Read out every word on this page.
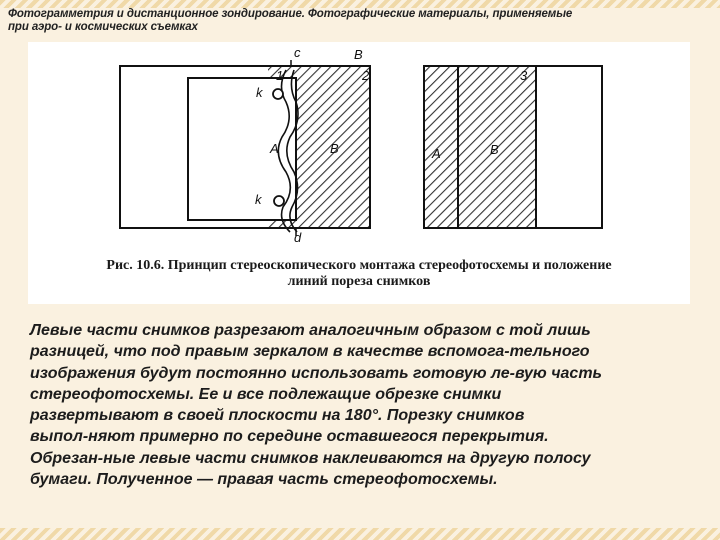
Фотограмметрия и дистанционное зондирование. Фотографические материалы, применяемые
при аэро- и космических съемках
c	B
1	2
k
A	B
k
d
3
A	B
Рис. 10.6. Принцип стереоскопического монтажа стереофотосхемы и положение
линий пореза снимков
Левые части снимков разрезают аналогичным образом с той лишь
разницей, что под правым зеркалом в качестве вспомога-тельного
изображения будут постоянно использовать готовую ле-вую часть
стереофотосхемы. Ее и все подлежащие обрезке снимки
развертывают в своей плоскости на 180°. Порезку снимков
выпол-няют примерно по середине оставшегося перекрытия.
Обрезан-ные левые части снимков наклеиваются на другую полосу
бумаги. Полученное — правая часть стереофотосхемы.
